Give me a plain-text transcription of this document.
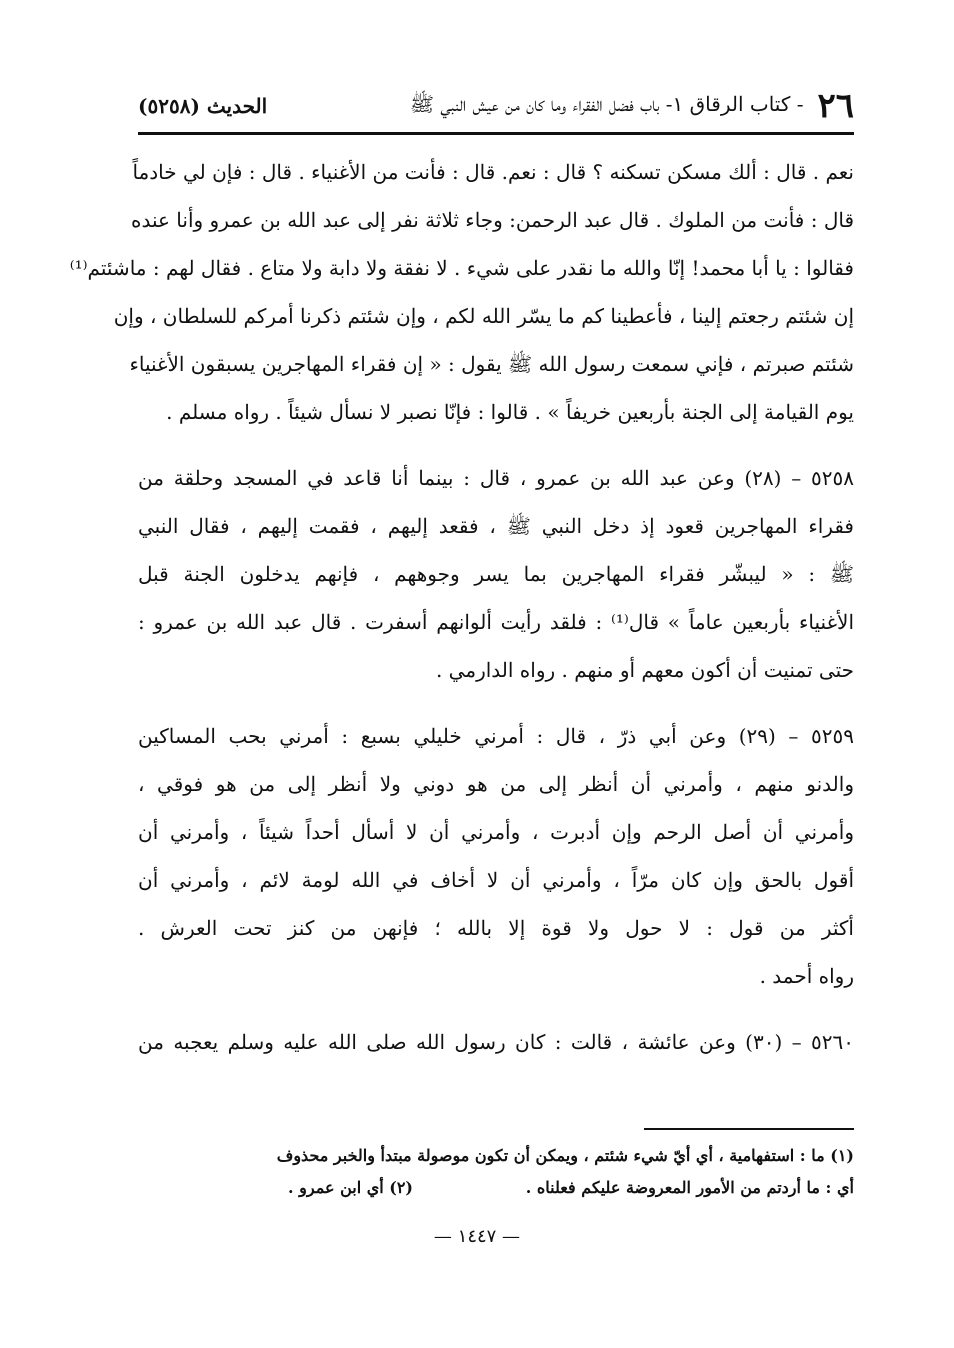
٢٦
- كتاب الرقاق ١- باب فضل الفقراء وما كان من عيش النبي ﷺ
الحديث (٥٢٥٨)
نعم . قال : ألك مسكن تسكنه ؟ قال : نعم. قال : فأنت من الأغنياء . قال : فإن لي خادماً
قال : فأنت من الملوك . قال عبد الرحمن: وجاء ثلاثة نفر إلى عبد الله بن عمرو وأنا عنده
فقالوا : يا أبا محمد! إنّا والله ما نقدر على شيء . لا نفقة ولا دابة ولا متاع . فقال لهم : ماشئتم⁽¹⁾
إن شئتم رجعتم إلينا ، فأعطينا كم ما يسّر الله لكم ، وإن شئتم ذكرنا أمركم للسلطان ، وإن
شئتم صبرتم ، فإني سمعت رسول الله ﷺ يقول : « إن فقراء المهاجرين يسبقون الأغنياء
يوم القيامة إلى الجنة بأربعين خريفاً » . قالوا : فإنّا نصبر لا نسأل شيئاً . رواه مسلم .
٥٢٥٨ – (٢٨) وعن عبد الله بن عمرو ، قال : بينما أنا قاعد في المسجد وحلقة من
فقراء المهاجرين قعود إذ دخل النبي ﷺ ، فقعد إليهم ، فقمت إليهم ، فقال النبي
ﷺ : « ليبشّر فقراء المهاجرين بما يسر وجوههم ، فإنهم يدخلون الجنة قبل
الأغنياء بأربعين عاماً » قال⁽¹⁾ : فلقد رأيت ألوانهم أسفرت . قال عبد الله بن عمرو :
حتى تمنيت أن أكون معهم أو منهم . رواه الدارمي .
٥٢٥٩ – (٢٩) وعن أبي ذرّ ، قال : أمرني خليلي بسبع : أمرني بحب المساكين
والدنو منهم ، وأمرني أن أنظر إلى من هو دوني ولا أنظر إلى من هو فوقي ،
وأمرني أن أصل الرحم وإن أدبرت ، وأمرني أن لا أسأل أحداً شيئاً ، وأمرني أن
أقول بالحق وإن كان مرّاً ، وأمرني أن لا أخاف في الله لومة لائم ، وأمرني أن
أكثر من قول : لا حول ولا قوة إلا بالله ؛ فإنهن من كنز تحت العرش .
رواه أحمد .
٥٢٦٠ – (٣٠) وعن عائشة ، قالت : كان رسول الله صلى الله عليه وسلم يعجبه من
(١) ما : استفهامية ، أي أيّ شيء شئتم ، ويمكن أن تكون موصولة مبتدأ والخبر محذوف
أي : ما أردتم من الأمور المعروضة عليكم فعلناه .
(٢) أي ابن عمرو .
— ١٤٤٧ —
